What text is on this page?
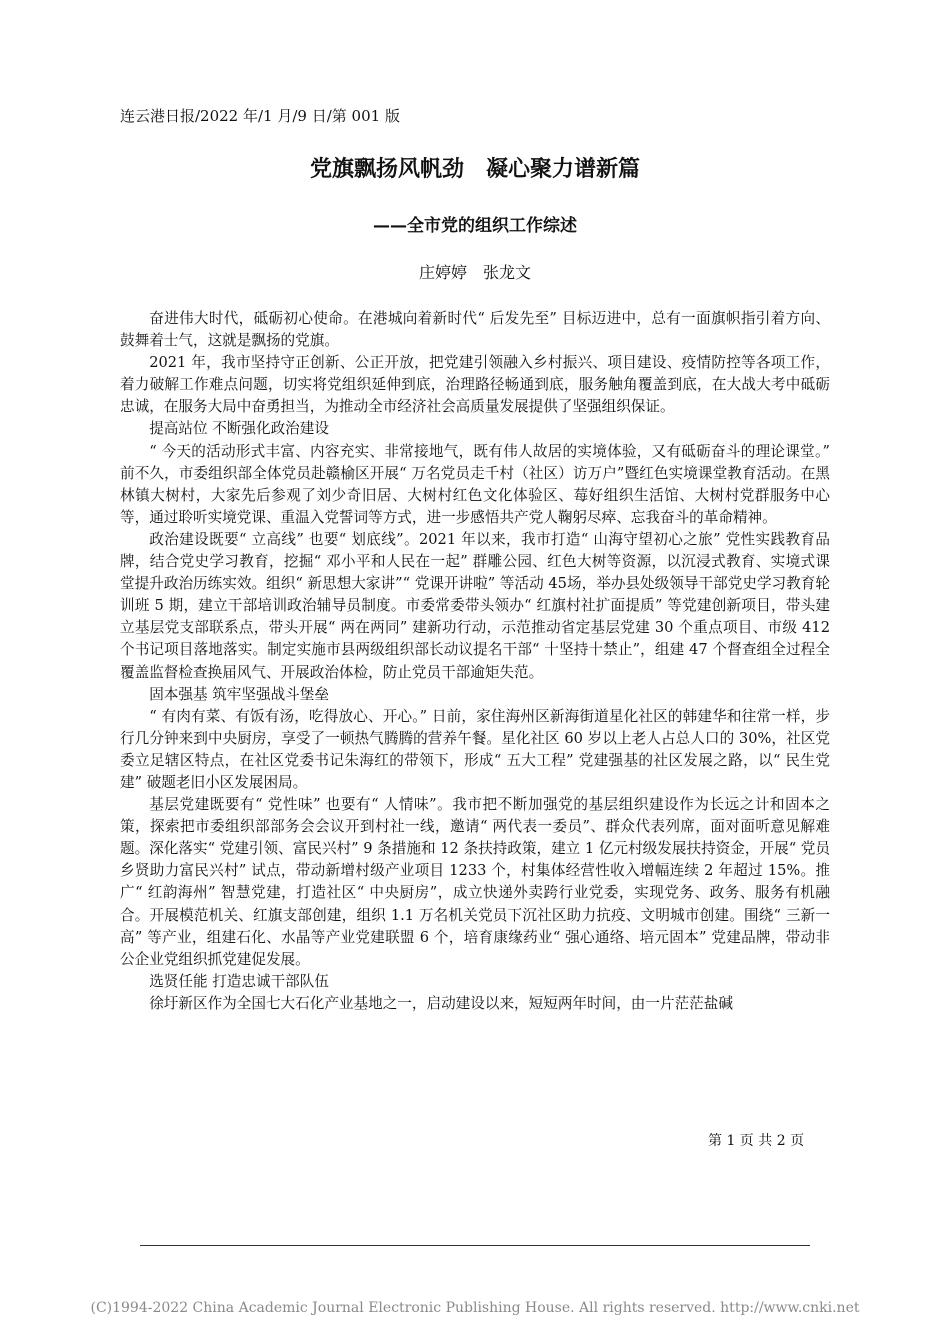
连云港日报/2022 年/1 月/9 日/第 001 版
党旗飘扬风帆劲　凝心聚力谱新篇
——全市党的组织工作综述
庄婷婷　张龙文

奋进伟大时代，砥砺初心使命。在港城向着新时代“ 后发先至” 目标迈进中，总有一面旗帜指引着方向、鼓舞着士气，这就是飘扬的党旗。

2021 年，我市坚持守正创新、公正开放，把党建引领融入乡村振兴、项目建设、疫情防控等各项工作，着力破解工作难点问题，切实将党组织延伸到底，治理路径畅通到底，服务触角覆盖到底，在大战大考中砥砺忠诚，在服务大局中奋勇担当，为推动全市经济社会高质量发展提供了坚强组织保证。

提高站位 不断强化政治建设

“ 今天的活动形式丰富、内容充实、非常接地气，既有伟人故居的实境体验，又有砥砺奋斗的理论课堂。” 前不久，市委组织部全体党员赴赣榆区开展“ 万名党员走千村（社区）访万户”暨红色实境课堂教育活动。在黑林镇大树村，大家先后参观了刘少奇旧居、大树村红色文化体验区、莓好组织生活馆、大树村党群服务中心等，通过聆听实境党课、重温入党誓词等方式，进一步感悟共产党人鞠躬尽瘁、忘我奋斗的革命精神。

政治建设既要“ 立高线” 也要“ 划底线”。2021 年以来，我市打造“ 山海守望初心之旅” 党性实践教育品牌，结合党史学习教育，挖掘“ 邓小平和人民在一起” 群雕公园、红色大树等资源，以沉浸式教育、实境式课堂提升政治历练实效。组织“ 新思想大家讲”“ 党课开讲啦” 等活动 45场，举办县处级领导干部党史学习教育轮训班 5 期，建立干部培训政治辅导员制度。市委常委带头领办“ 红旗村社扩面提质” 等党建创新项目，带头建立基层党支部联系点，带头开展“ 两在两同” 建新功行动，示范推动省定基层党建 30 个重点项目、市级 412 个书记项目落地落实。制定实施市县两级组织部长动议提名干部“ 十坚持十禁止”，组建 47 个督查组全过程全覆盖监督检查换届风气、开展政治体检，防止党员干部逾矩失范。

固本强基 筑牢坚强战斗堡垒

“ 有肉有菜、有饭有汤，吃得放心、开心。” 日前，家住海州区新海街道星化社区的韩建华和往常一样，步行几分钟来到中央厨房，享受了一顿热气腾腾的营养午餐。星化社区 60 岁以上老人占总人口的 30%，社区党委立足辖区特点，在社区党委书记朱海红的带领下，形成“ 五大工程” 党建强基的社区发展之路，以“ 民生党建” 破题老旧小区发展困局。

基层党建既要有“ 党性味” 也要有“ 人情味”。我市把不断加强党的基层组织建设作为长远之计和固本之策，探索把市委组织部部务会会议开到村社一线，邀请“ 两代表一委员”、群众代表列席，面对面听意见解难题。深化落实“ 党建引领、富民兴村” 9 条措施和 12 条扶持政策，建立 1 亿元村级发展扶持资金，开展“ 党员乡贤助力富民兴村” 试点，带动新增村级产业项目 1233 个，村集体经营性收入增幅连续 2 年超过 15%。推广“ 红韵海州” 智慧党建，打造社区“ 中央厨房”，成立快递外卖跨行业党委，实现党务、政务、服务有机融合。开展模范机关、红旗支部创建，组织 1.1 万名机关党员下沉社区助力抗疫、文明城市创建。围绕“ 三新一高” 等产业，组建石化、水晶等产业党建联盟 6 个，培育康缘药业“ 强心通络、培元固本” 党建品牌，带动非公企业党组织抓党建促发展。

选贤任能 打造忠诚干部队伍

徐圩新区作为全国七大石化产业基地之一，启动建设以来，短短两年时间，由一片茫茫盐碱

第 1 页 共 2 页
(C)1994-2022 China Academic Journal Electronic Publishing House. All rights reserved. http://www.cnki.net
